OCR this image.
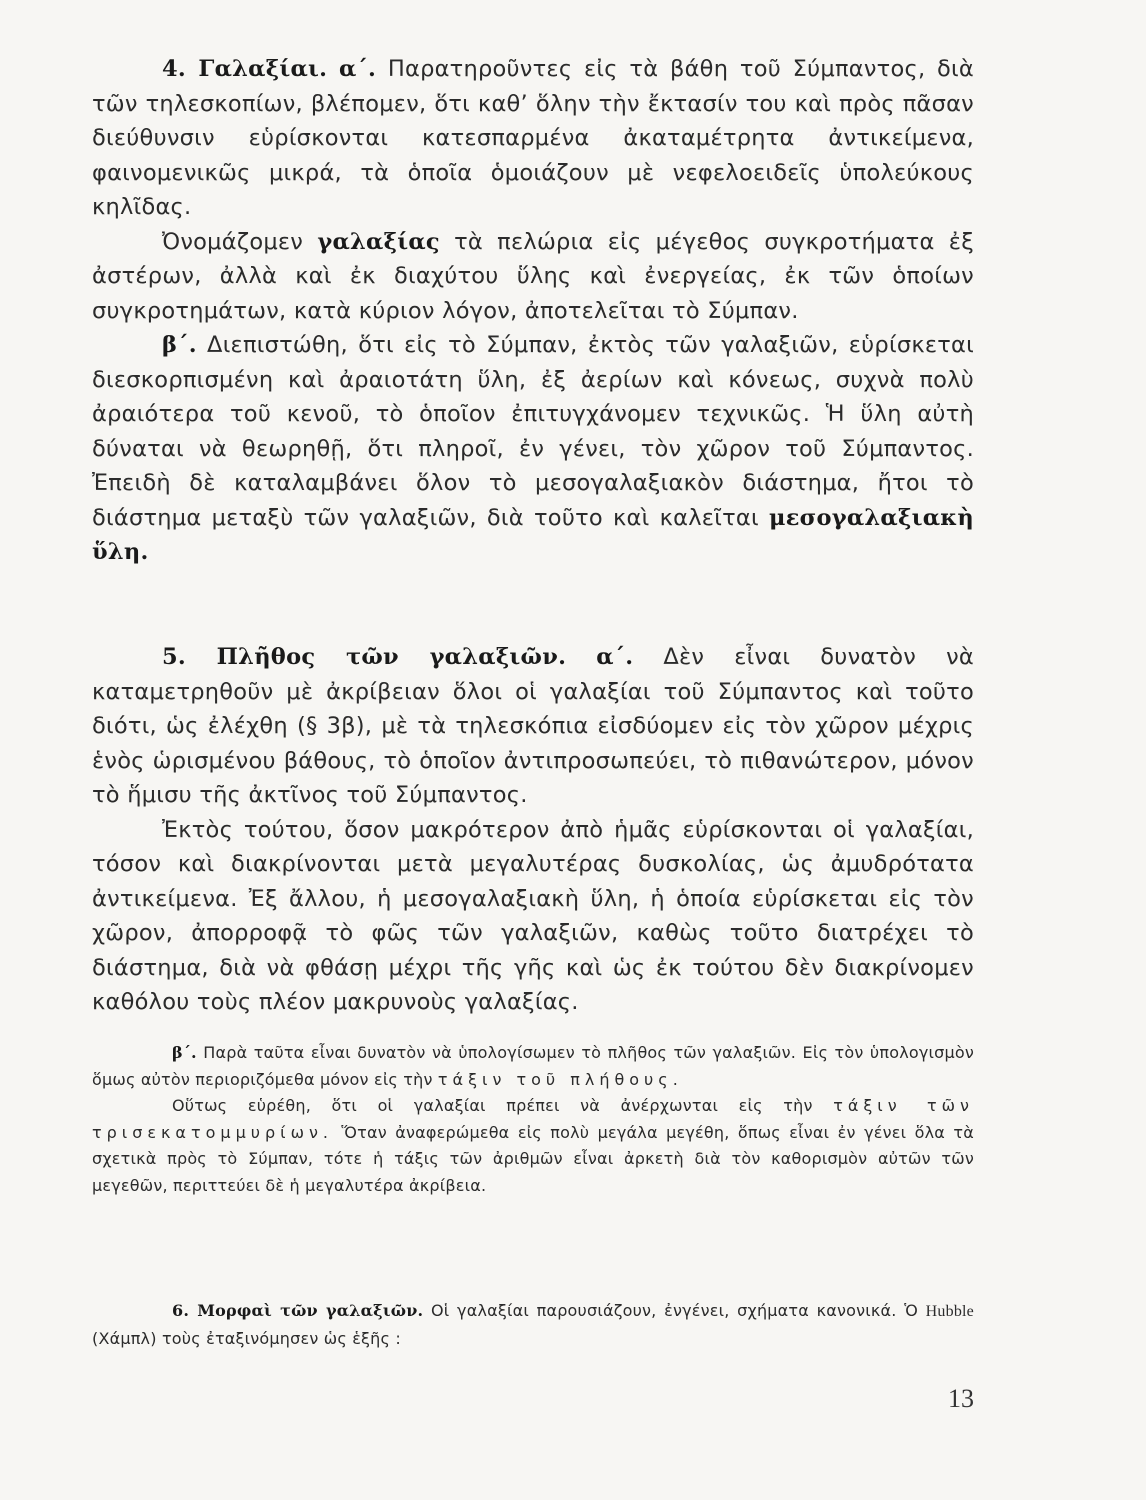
4. Γαλαξίαι. α΄. Παρατηροῦντες εἰς τὰ βάθη τοῦ Σύμπαντος, διὰ τῶν τηλεσκοπίων, βλέπομεν, ὅτι καθ’ ὅλην τὴν ἔκτασίν του καὶ πρὸς πᾶσαν διεύθυνσιν εὑρίσκονται κατεσπαρμένα ἀκαταμέτρητα ἀντικείμενα, φαινομενικῶς μικρά, τὰ ὁποῖα ὁμοιάζουν μὲ νεφελοειδεῖς ὑπολεύκους κηλῖδας.

Ὀνομάζομεν γαλαξίας τὰ πελώρια εἰς μέγεθος συγκροτήματα ἐξ ἀστέρων, ἀλλὰ καὶ ἐκ διαχύτου ὕλης καὶ ἐνεργείας, ἐκ τῶν ὁποίων συγκροτημάτων, κατὰ κύριον λόγον, ἀποτελεῖται τὸ Σύμπαν.

β΄. Διεπιστώθη, ὅτι εἰς τὸ Σύμπαν, ἐκτὸς τῶν γαλαξιῶν, εὑρίσκεται διεσκορπισμένη καὶ ἀραιοτάτη ὕλη, ἐξ ἀερίων καὶ κόνεως, συχνὰ πολὺ ἀραιότερα τοῦ κενοῦ, τὸ ὁποῖον ἐπιτυγχάνομεν τεχνικῶς. Ἡ ὕλη αὐτὴ δύναται νὰ θεωρηθῇ, ὅτι πληροῖ, ἐν γένει, τὸν χῶρον τοῦ Σύμπαντος. Ἐπειδὴ δὲ καταλαμβάνει ὅλον τὸ μεσογαλαξιακὸν διάστημα, ἤτοι τὸ διάστημα μεταξὺ τῶν γαλαξιῶν, διὰ τοῦτο καὶ καλεῖται μεσογαλαξιακὴ ὕλη.

5. Πλῆθος τῶν γαλαξιῶν. α΄. Δὲν εἶναι δυνατὸν νὰ καταμετρηθοῦν μὲ ἀκρίβειαν ὅλοι οἱ γαλαξίαι τοῦ Σύμπαντος καὶ τοῦτο διότι, ὡς ἐλέχθη (§ 3β), μὲ τὰ τηλεσκόπια εἰσδύομεν εἰς τὸν χῶρον μέχρις ἑνὸς ὡρισμένου βάθους, τὸ ὁποῖον ἀντιπροσωπεύει, τὸ πιθανώτερον, μόνον τὸ ἥμισυ τῆς ἀκτῖνος τοῦ Σύμπαντος.

Ἐκτὸς τούτου, ὅσον μακρότερον ἀπὸ ἡμᾶς εὑρίσκονται οἱ γαλαξίαι, τόσον καὶ διακρίνονται μετὰ μεγαλυτέρας δυσκολίας, ὡς ἀμυδρότατα ἀντικείμενα. Ἐξ ἄλλου, ἡ μεσογαλαξιακὴ ὕλη, ἡ ὁποία εὑρίσκεται εἰς τὸν χῶρον, ἀπορροφᾷ τὸ φῶς τῶν γαλαξιῶν, καθὼς τοῦτο διατρέχει τὸ διάστημα, διὰ νὰ φθάσῃ μέχρι τῆς γῆς καὶ ὡς ἐκ τούτου δὲν διακρίνομεν καθόλου τοὺς πλέον μακρυνοὺς γαλαξίας.

β΄. Παρὰ ταῦτα εἶναι δυνατὸν νὰ ὑπολογίσωμεν τὸ πλῆθος τῶν γαλαξιῶν. Εἰς τὸν ὑπολογισμὸν ὅμως αὐτὸν περιοριζόμεθα μόνον εἰς τὴν τάξιν τοῦ πλήθους.

Οὕτως εὑρέθη, ὅτι οἱ γαλαξίαι πρέπει νὰ ἀνέρχωνται εἰς τὴν τάξιν τῶν τρισεκατομμυρίων. Ὅταν ἀναφερώμεθα εἰς πολὺ μεγάλα μεγέθη, ὅπως εἶναι ἐν γένει ὅλα τὰ σχετικὰ πρὸς τὸ Σύμπαν, τότε ἡ τάξις τῶν ἀριθμῶν εἶναι ἀρκετὴ διὰ τὸν καθορισμὸν αὐτῶν τῶν μεγεθῶν, περιττεύει δὲ ἡ μεγαλυτέρα ἀκρίβεια.

6. Μορφαὶ τῶν γαλαξιῶν. Οἱ γαλαξίαι παρουσιάζουν, ἐνγένει, σχήματα κανονικά. Ὁ Hubble (Χάμπλ) τοὺς ἐταξινόμησεν ὡς ἑξῆς :

13
